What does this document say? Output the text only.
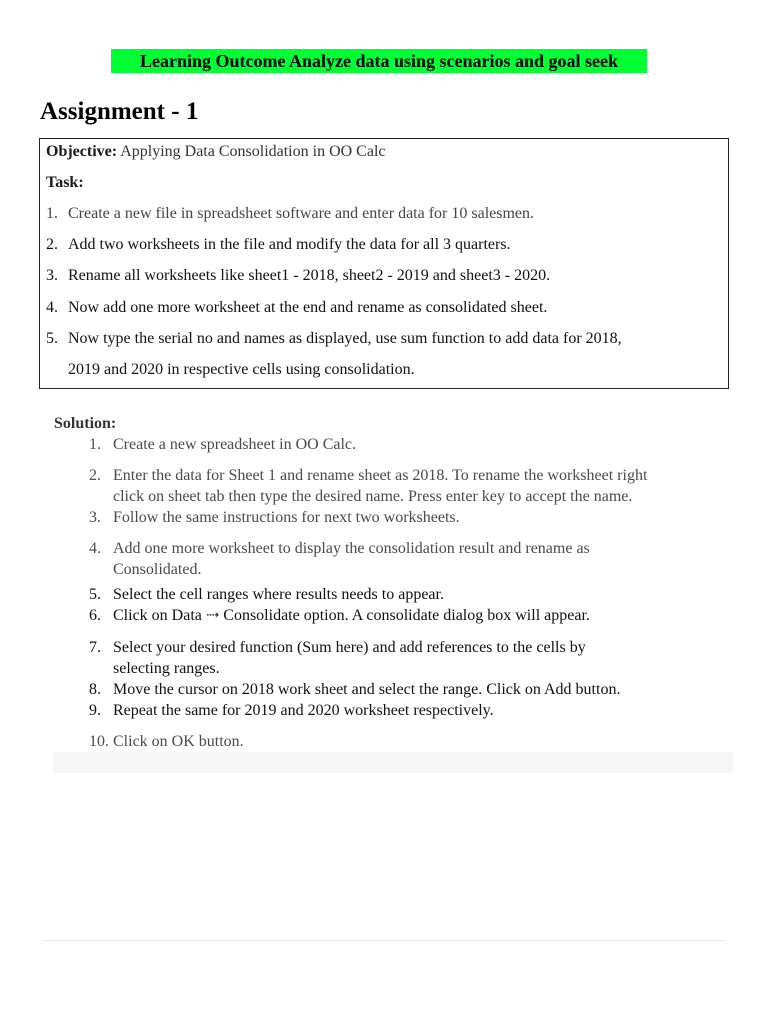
Learning Outcome Analyze data using scenarios and goal seek
Assignment - 1
Objective: Applying Data Consolidation in OO Calc
Task:
1. Create a new file in spreadsheet software and enter data for 10 salesmen.
2. Add two worksheets in the file and modify the data for all 3 quarters.
3. Rename all worksheets like sheet1 - 2018, sheet2 - 2019 and sheet3 - 2020.
4. Now add one more worksheet at the end and rename as consolidated sheet.
5. Now type the serial no and names as displayed, use sum function to add data for 2018,
2019 and 2020 in respective cells using consolidation.
Solution:
1. Create a new spreadsheet in OO Calc.
2. Enter the data for Sheet 1 and rename sheet as 2018. To rename the worksheet right
click on sheet tab then type the desired name. Press enter key to accept the name.
3. Follow the same instructions for next two worksheets.
4. Add one more worksheet to display the consolidation result and rename as
Consolidated.
5. Select the cell ranges where results needs to appear.
6. Click on Data ⇢ Consolidate option. A consolidate dialog box will appear.
7. Select your desired function (Sum here) and add references to the cells by
selecting ranges.
8. Move the cursor on 2018 work sheet and select the range. Click on Add button.
9. Repeat the same for 2019 and 2020 worksheet respectively.
10. Click on OK button.
